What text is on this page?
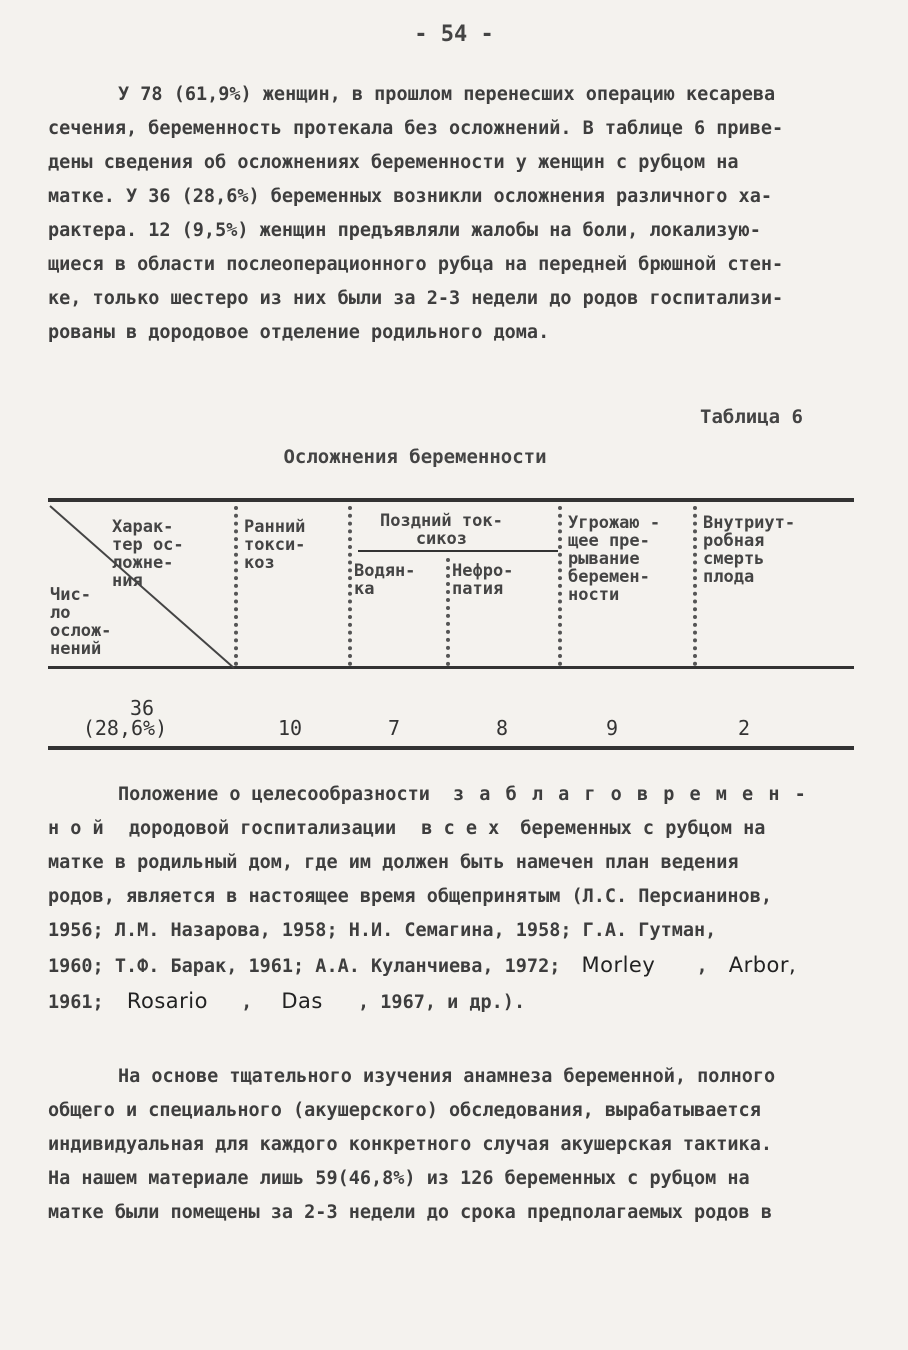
- 54 -

У 78 (61,9%) женщин, в прошлом перенесших операцию кесарева
сечения, беременность протекала без осложнений. В таблице 6 приве-
дены сведения об осложнениях беременности у женщин с рубцом на
матке. У 36 (28,6%) беременных возникли осложнения различного ха-
рактера. 12 (9,5%) женщин предъявляли жалобы на боли, локализую-
щиеся в области послеоперационного рубца на передней брюшной стен-
ке, только шестеро из них были за 2-3 недели до родов госпитализи-
рованы в дородовое отделение родильного дома.

Таблица 6
Осложнения беременности
Харак-
тер ос-
ложне-
ния
Чис-
ло
ослож-
нений
Ранний
токси-
коз
Поздний ток-
сикоз
Водян-
ка
Нефро-
патия
Угрожаю -
щее пре-
рывание
беремен-
ности
Внутриут-
робная
смерть
плода
36
(28,6%)	10	7	8	9	2
Положение о целесообразности з а б л а г о в р е м е н -
н о й дородовой госпитализации в с е х беременных с рубцом на
матке в родильный дом, где им должен быть намечен план ведения
родов, является в настоящее время общепринятым (Л.С. Персианинов,
1956; Л.М. Назарова, 1958; Н.И. Семагина, 1958; Г.А. Гутман,
1960; Т.Ф. Барак, 1961; А.А. Куланчиева, 1972; Morley , Arbor,
1961; Rosario , Das , 1967, и др.).

На основе тщательного изучения анамнеза беременной, полного
общего и специального (акушерского) обследования, вырабатывается
индивидуальная для каждого конкретного случая акушерская тактика.
На нашем материале лишь 59(46,8%) из 126 беременных с рубцом на
матке были помещены за 2-3 недели до срока предполагаемых родов в
